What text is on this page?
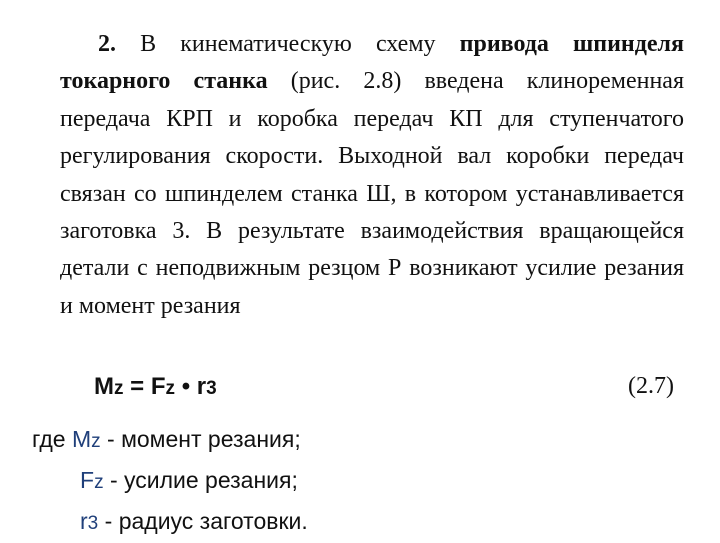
2. В кинематическую схему привода шпинделя токарного станка (рис. 2.8) введена клиноременная передача КРП и коробка передач КП для ступенчатого регулирования скорости. Выходной вал коробки передач связан со шпинделем станка Ш, в котором устанавливается заготовка 3. В результате взаимодействия вращающейся детали с неподвижным резцом Р возникают усилие резания и момент резания

Mz = Fz • r3	(2.7)
где Mz - момент резания;
Fz - усилие резания;
r3 - радиус заготовки.
